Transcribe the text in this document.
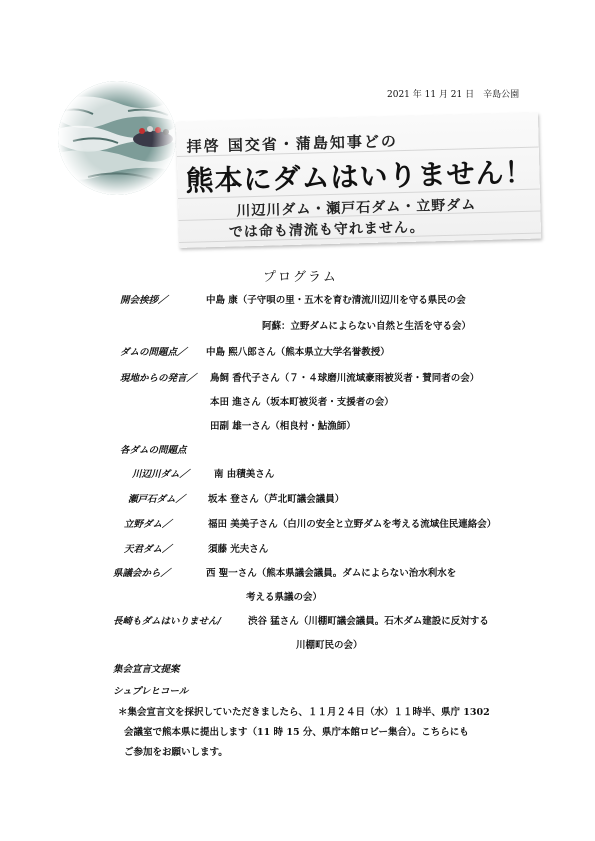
2021 年 11 月 21 日　辛島公園
拝啓 国交省・蒲島知事どの
熊本にダムはいりません！
川辺川ダム・瀬戸石ダム・立野ダム
では命も清流も守れません。
プログラム
開会挨拶／	中島 康（子守唄の里・五木を育む清流川辺川を守る県民の会
阿蘇：立野ダムによらない自然と生活を守る会）
ダムの問題点／ 中島 熙八郎さん（熊本県立大学名誉教授）
現地からの発言／ 鳥飼 香代子さん（７・４球磨川流域豪雨被災者・賛同者の会）
本田 進さん（坂本町被災者・支援者の会）
田副 雄一さん（相良村・鮎漁師）
各ダムの問題点
川辺川ダム／	南 由積美さん
瀬戸石ダム／ 坂本 登さん（芦北町議会議員）
立野ダム／	福田 美美子さん（白川の安全と立野ダムを考える流域住民連絡会）
天君ダム／	須藤 光夫さん
県議会から／	西 聖一さん（熊本県議会議員。ダムによらない治水利水を
考える県議の会）
長崎もダムはいりません/	渋谷 猛さん（川棚町議会議員。石木ダム建設に反対する
川棚町民の会）
集会宣言文提案
シュプレヒコール
＊集会宣言文を採択していただきましたら、１１月２４日（水）１１時半、県庁 1302
会議室で熊本県に提出します（11 時 15 分、県庁本館ロビー集合）。こちらにも
ご参加をお願いします。
